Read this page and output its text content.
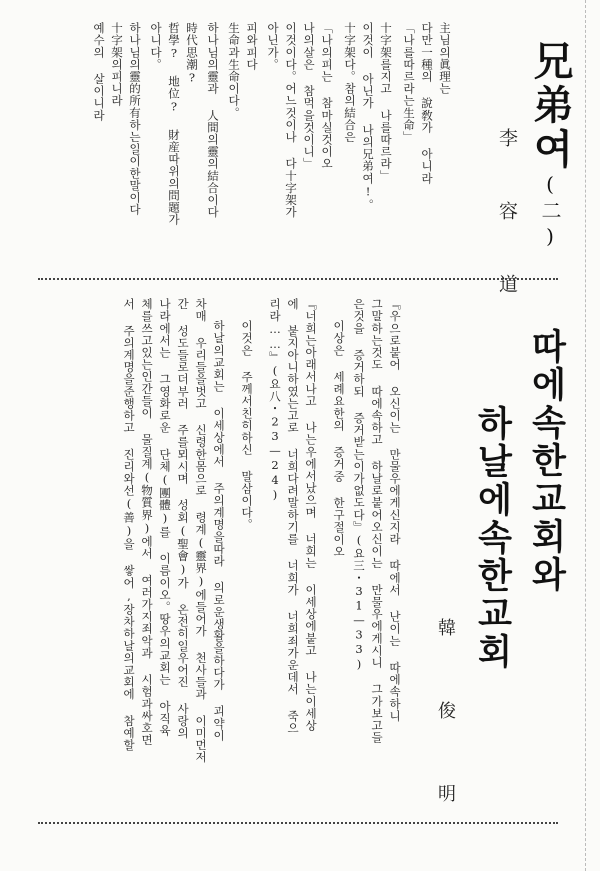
兄弟여(二)
李 容 道
主님의眞理는
다만一種의 說敎가 아니라
「나를따르라는生命」
十字架를지고 나를따르라」
이것이 아닌가 나의兄弟여!。
十字架다。참의結合은
「나의피는 참마실것이오
나의살은 참먹을것이니」
이것이다。어느것이나 다十字架가
아닌가。
피와피다
生命과生命이다。
하나님의靈과 人間의靈의結合이다
時代思潮?
哲學? 地位? 財産따위의問題가
아니다。
하나님의靈的所有하는일이한말이다
十字架의피니라
예수의 살이니라
따에속한교회와
하날에속한교회
韓 俊 明
『우으로붙어 오신이는 만물우에게신지라 따에서 난이는 따에속하니
그말하는것도 따에속하고 하날로붙어오신이는 만물우에게시니 그가보고들
은것을 증거하되 증거받는이가없도다』(요三・31—33)
이상은 세례요한의 증거중 한구절이오
『너희는아래서나고 나는우에서났으며 너희는 이세상에붙고 나는이세상
에 붙지아니하였는고로 너희다려말하기를 너희가 너희죄가운데서 죽으
리라……』(요八・23—24)
이것은 주께서친히하신 말삼이다。
하날의교회는 이세상에서 주의계명을따라 의로운생활을하다가 괴약이
차매 우리들을벗고 신령한몸으로 령계(靈界)에들어가 천사들과 이미먼저
간 성도들로더부러 주를뫼시며 성회(聖會)가 온전히일우어진 사랑의
나라에서는 그영화로운 단체(團體)를 이름이오。땅우의교회는 아직육
체를쓰고있는인간들이 물질계(物質界)에서 여러가지죄악과 시험과싸호면
서 주의계명을준행하고 진리와선(善)을 쌓어,장차하날의교회에 참예할
